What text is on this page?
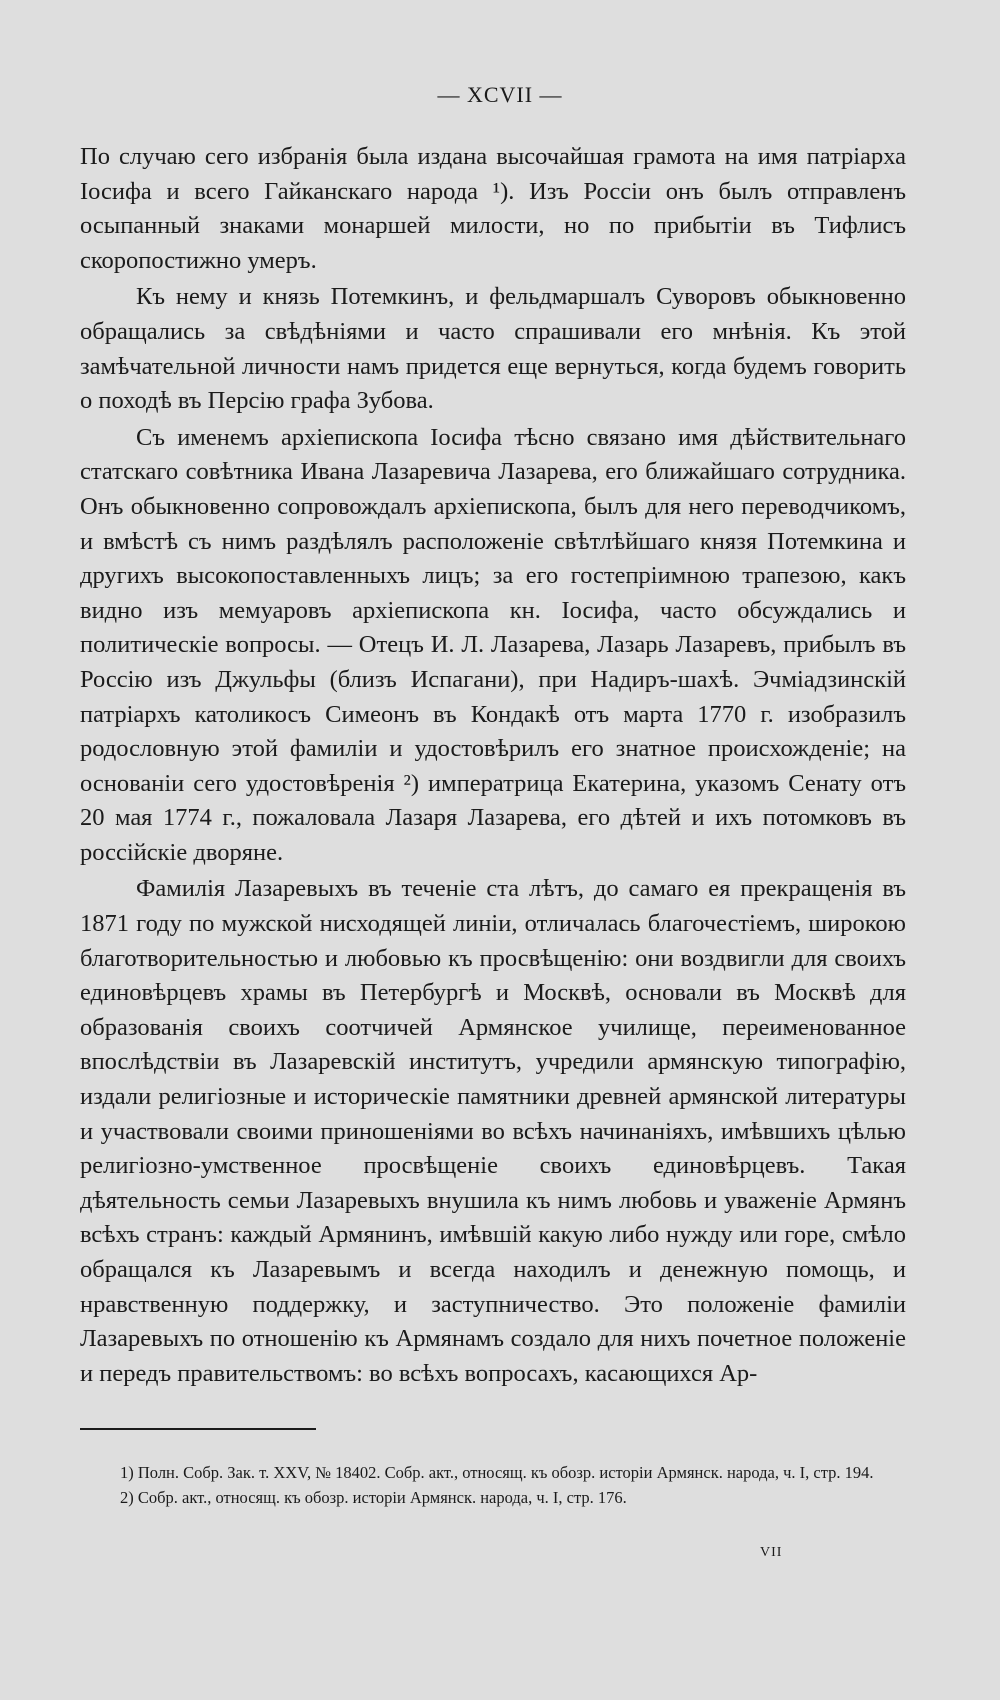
— XCVII —

По случаю сего избранія была издана высочайшая грамота на имя патріарха Іосифа и всего Гайканскаго народа ¹). Изъ Россіи онъ былъ отправленъ осыпанный знаками монаршей милости, но по прибытіи въ Тифлисъ скоропостижно умеръ.

Къ нему и князь Потемкинъ, и фельдмаршалъ Суворовъ обыкновенно обращались за свѣдѣніями и часто спрашивали его мнѣнія. Къ этой замѣчательной личности намъ придется еще вернуться, когда будемъ говорить о походѣ въ Персію графа Зубова.

Съ именемъ архіепископа Іосифа тѣсно связано имя дѣйствительнаго статскаго совѣтника Ивана Лазаревича Лазарева, его ближайшаго сотрудника. Онъ обыкновенно сопровождалъ архіепископа, былъ для него переводчикомъ, и вмѣстѣ съ нимъ раздѣлялъ расположеніе свѣтлѣйшаго князя Потемкина и другихъ высокопоставленныхъ лицъ; за его гостепріимною трапезою, какъ видно изъ мемуаровъ архіепископа кн. Іосифа, часто обсуждались и политическіе вопросы. — Отецъ И. Л. Лазарева, Лазарь Лазаревъ, прибылъ въ Россію изъ Джульфы (близъ Испагани), при Надиръ-шахѣ. Эчміадзинскій патріархъ католикосъ Симеонъ въ Кондакѣ отъ марта 1770 г. изобразилъ родословную этой фамиліи и удостовѣрилъ его знатное происхожденіе; на основаніи сего удостовѣренія ²) императрица Екатерина, указомъ Сенату отъ 20 мая 1774 г., пожаловала Лазаря Лазарева, его дѣтей и ихъ потомковъ въ россійскіе дворяне.

Фамилія Лазаревыхъ въ теченіе ста лѣтъ, до самаго ея прекращенія въ 1871 году по мужской нисходящей линіи, отличалась благочестіемъ, широкою благотворительностью и любовью къ просвѣщенію: они воздвигли для своихъ единовѣрцевъ храмы въ Петербургѣ и Москвѣ, основали въ Москвѣ для образованія своихъ соотчичей Армянское училище, переименованное впослѣдствіи въ Лазаревскій институтъ, учредили армянскую типографію, издали религіозные и историческіе памятники древней армянской литературы и участвовали своими приношеніями во всѣхъ начинаніяхъ, имѣвшихъ цѣлью религіозно-умственное просвѣщеніе своихъ единовѣрцевъ. Такая дѣятельность семьи Лазаревыхъ внушила къ нимъ любовь и уваженіе Армянъ всѣхъ странъ: каждый Армянинъ, имѣвшій какую либо нужду или горе, смѣло обращался къ Лазаревымъ и всегда находилъ и денежную помощь, и нравственную поддержку, и заступничество. Это положеніе фамиліи Лазаревыхъ по отношенію къ Армянамъ создало для нихъ почетное положеніе и передъ правительствомъ: во всѣхъ вопросахъ, касающихся Ар-

1) Полн. Собр. Зак. т. XXV, № 18402. Собр. акт., относящ. къ обозр. исторіи Армянск. народа, ч. I, стр. 194.

2) Собр. акт., относящ. къ обозр. исторіи Армянск. народа, ч. I, стр. 176.

VII
